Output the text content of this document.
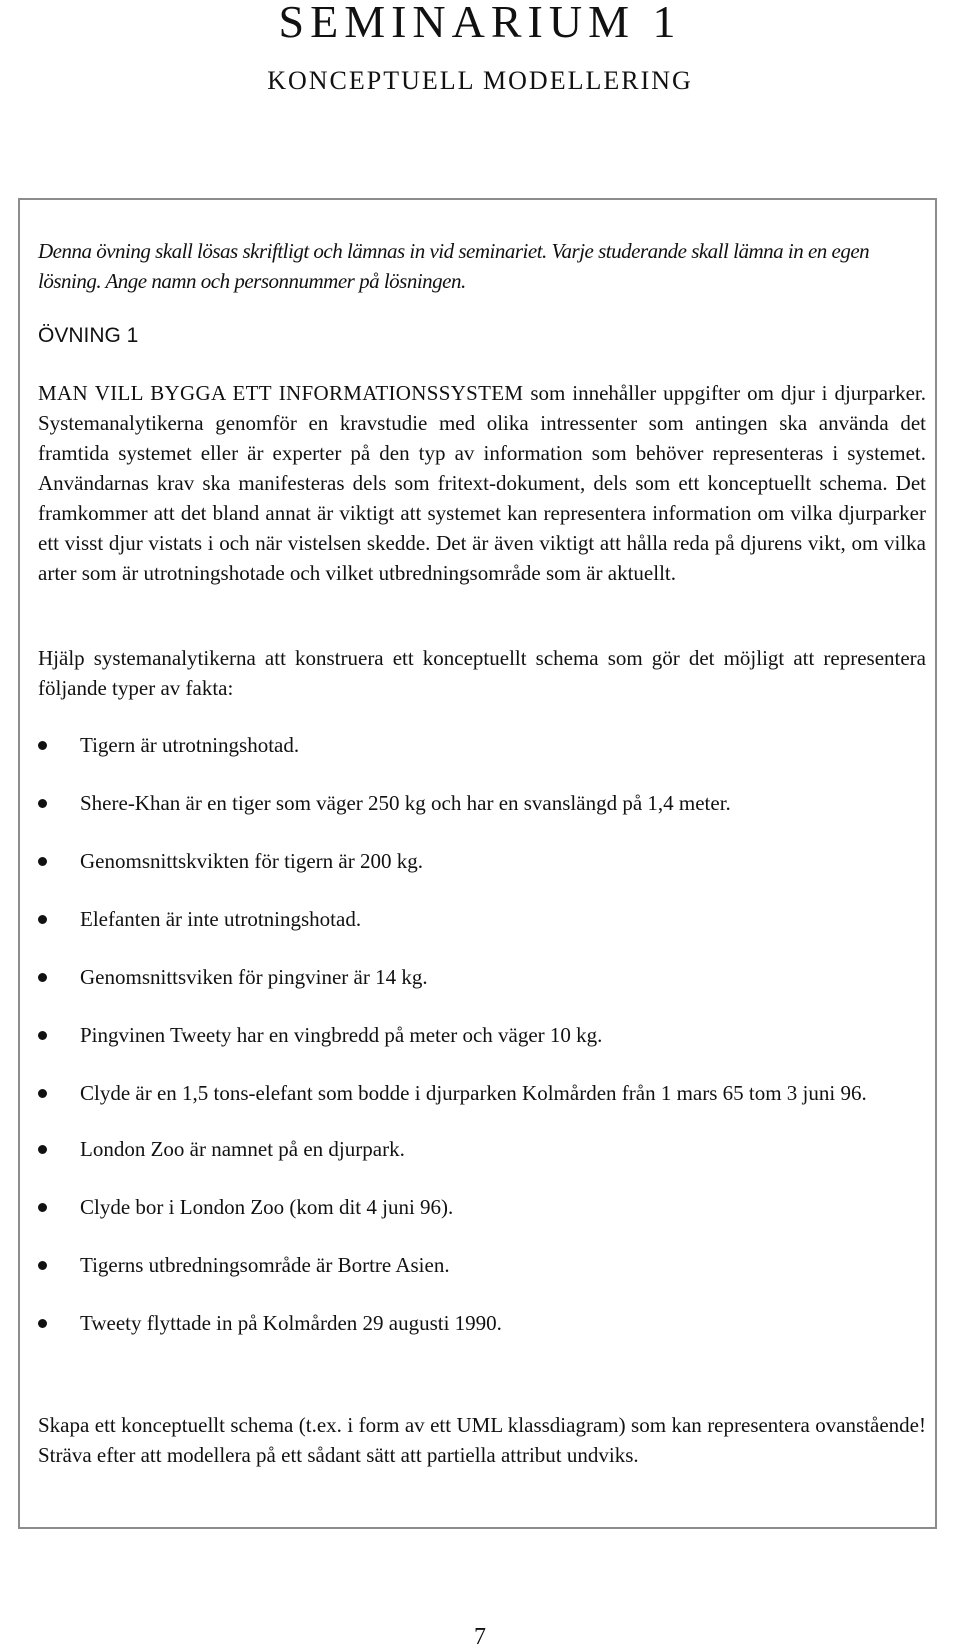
SEMINARIUM 1
KONCEPTUELL MODELLERING
Denna övning skall lösas skriftligt och lämnas in vid seminariet. Varje studerande skall lämna in en egen lösning. Ange namn och personnummer på lösningen.
ÖVNING 1
MAN VILL BYGGA ETT INFORMATIONSSYSTEM som innehåller uppgifter om djur i djurparker. Systemanalytikerna genomför en kravstudie med olika intressenter som antingen ska använda det framtida systemet eller är experter på den typ av information som behöver representeras i systemet. Användarnas krav ska manifesteras dels som fritext-dokument, dels som ett konceptuellt schema. Det framkommer att det bland annat är viktigt att systemet kan representera information om vilka djurparker ett visst djur vistats i och när vistelsen skedde. Det är även viktigt att hålla reda på djurens vikt, om vilka arter som är utrotningshotade och vilket utbredningsområde som är aktuellt.
Hjälp systemanalytikerna att konstruera ett konceptuellt schema som gör det möjligt att representera följande typer av fakta:
Tigern är utrotningshotad.
Shere-Khan är en tiger som väger 250 kg och har en svanslängd på 1,4 meter.
Genomsnittskvikten för tigern är 200 kg.
Elefanten är inte utrotningshotad.
Genomsnittsviken för pingviner är 14 kg.
Pingvinen Tweety har en vingbredd på meter och väger 10 kg.
Clyde är en 1,5 tons-elefant som bodde i djurparken Kolmården från 1 mars 65 tom 3 juni 96.
London Zoo är namnet på en djurpark.
Clyde bor i London Zoo (kom dit 4 juni 96).
Tigerns utbredningsområde är Bortre Asien.
Tweety flyttade in på Kolmården 29 augusti 1990.
Skapa ett konceptuellt schema (t.ex. i form av ett UML klassdiagram) som kan representera ovanstående! Sträva efter att modellera på ett sådant sätt att partiella attribut undviks.
7
